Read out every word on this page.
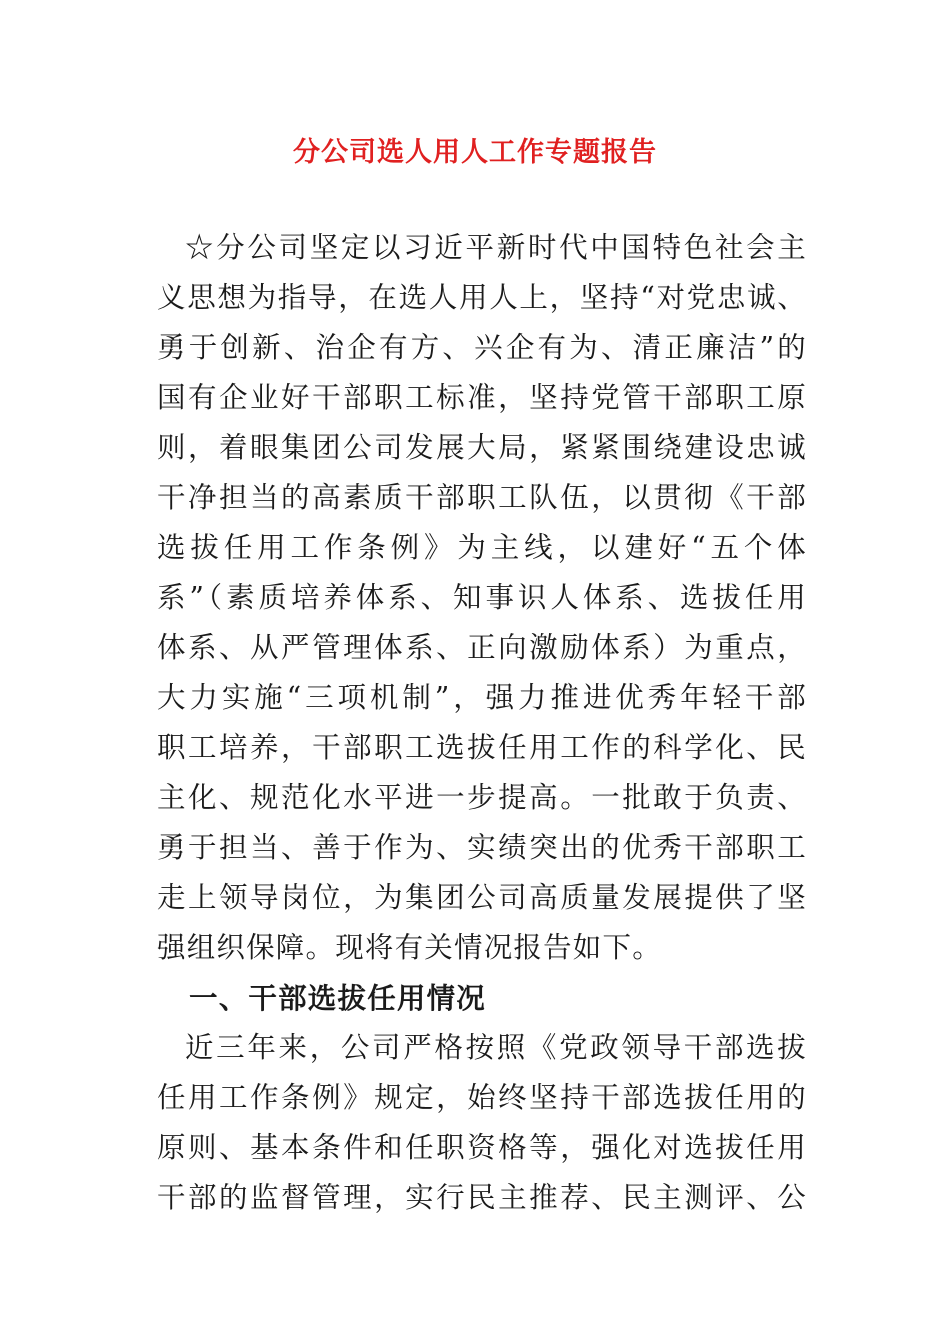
分公司选人用人工作专题报告
☆分公司坚定以习近平新时代中国特色社会主
义思想为指导，在选人用人上，坚持“对党忠诚、
勇于创新、治企有方、兴企有为、清正廉洁”的
国有企业好干部职工标准，坚持党管干部职工原
则，着眼集团公司发展大局，紧紧围绕建设忠诚
干净担当的高素质干部职工队伍，以贯彻《干部
选拔任用工作条例》为主线，以建好“五个体
系”（素质培养体系、知事识人体系、选拔任用
体系、从严管理体系、正向激励体系）为重点，
大力实施“三项机制”，强力推进优秀年轻干部
职工培养，干部职工选拔任用工作的科学化、民
主化、规范化水平进一步提高。一批敢于负责、
勇于担当、善于作为、实绩突出的优秀干部职工
走上领导岗位，为集团公司高质量发展提供了坚
强组织保障。现将有关情况报告如下。
一、干部选拔任用情况
近三年来，公司严格按照《党政领导干部选拔
任用工作条例》规定，始终坚持干部选拔任用的
原则、基本条件和任职资格等，强化对选拔任用
干部的监督管理，实行民主推荐、民主测评、公
